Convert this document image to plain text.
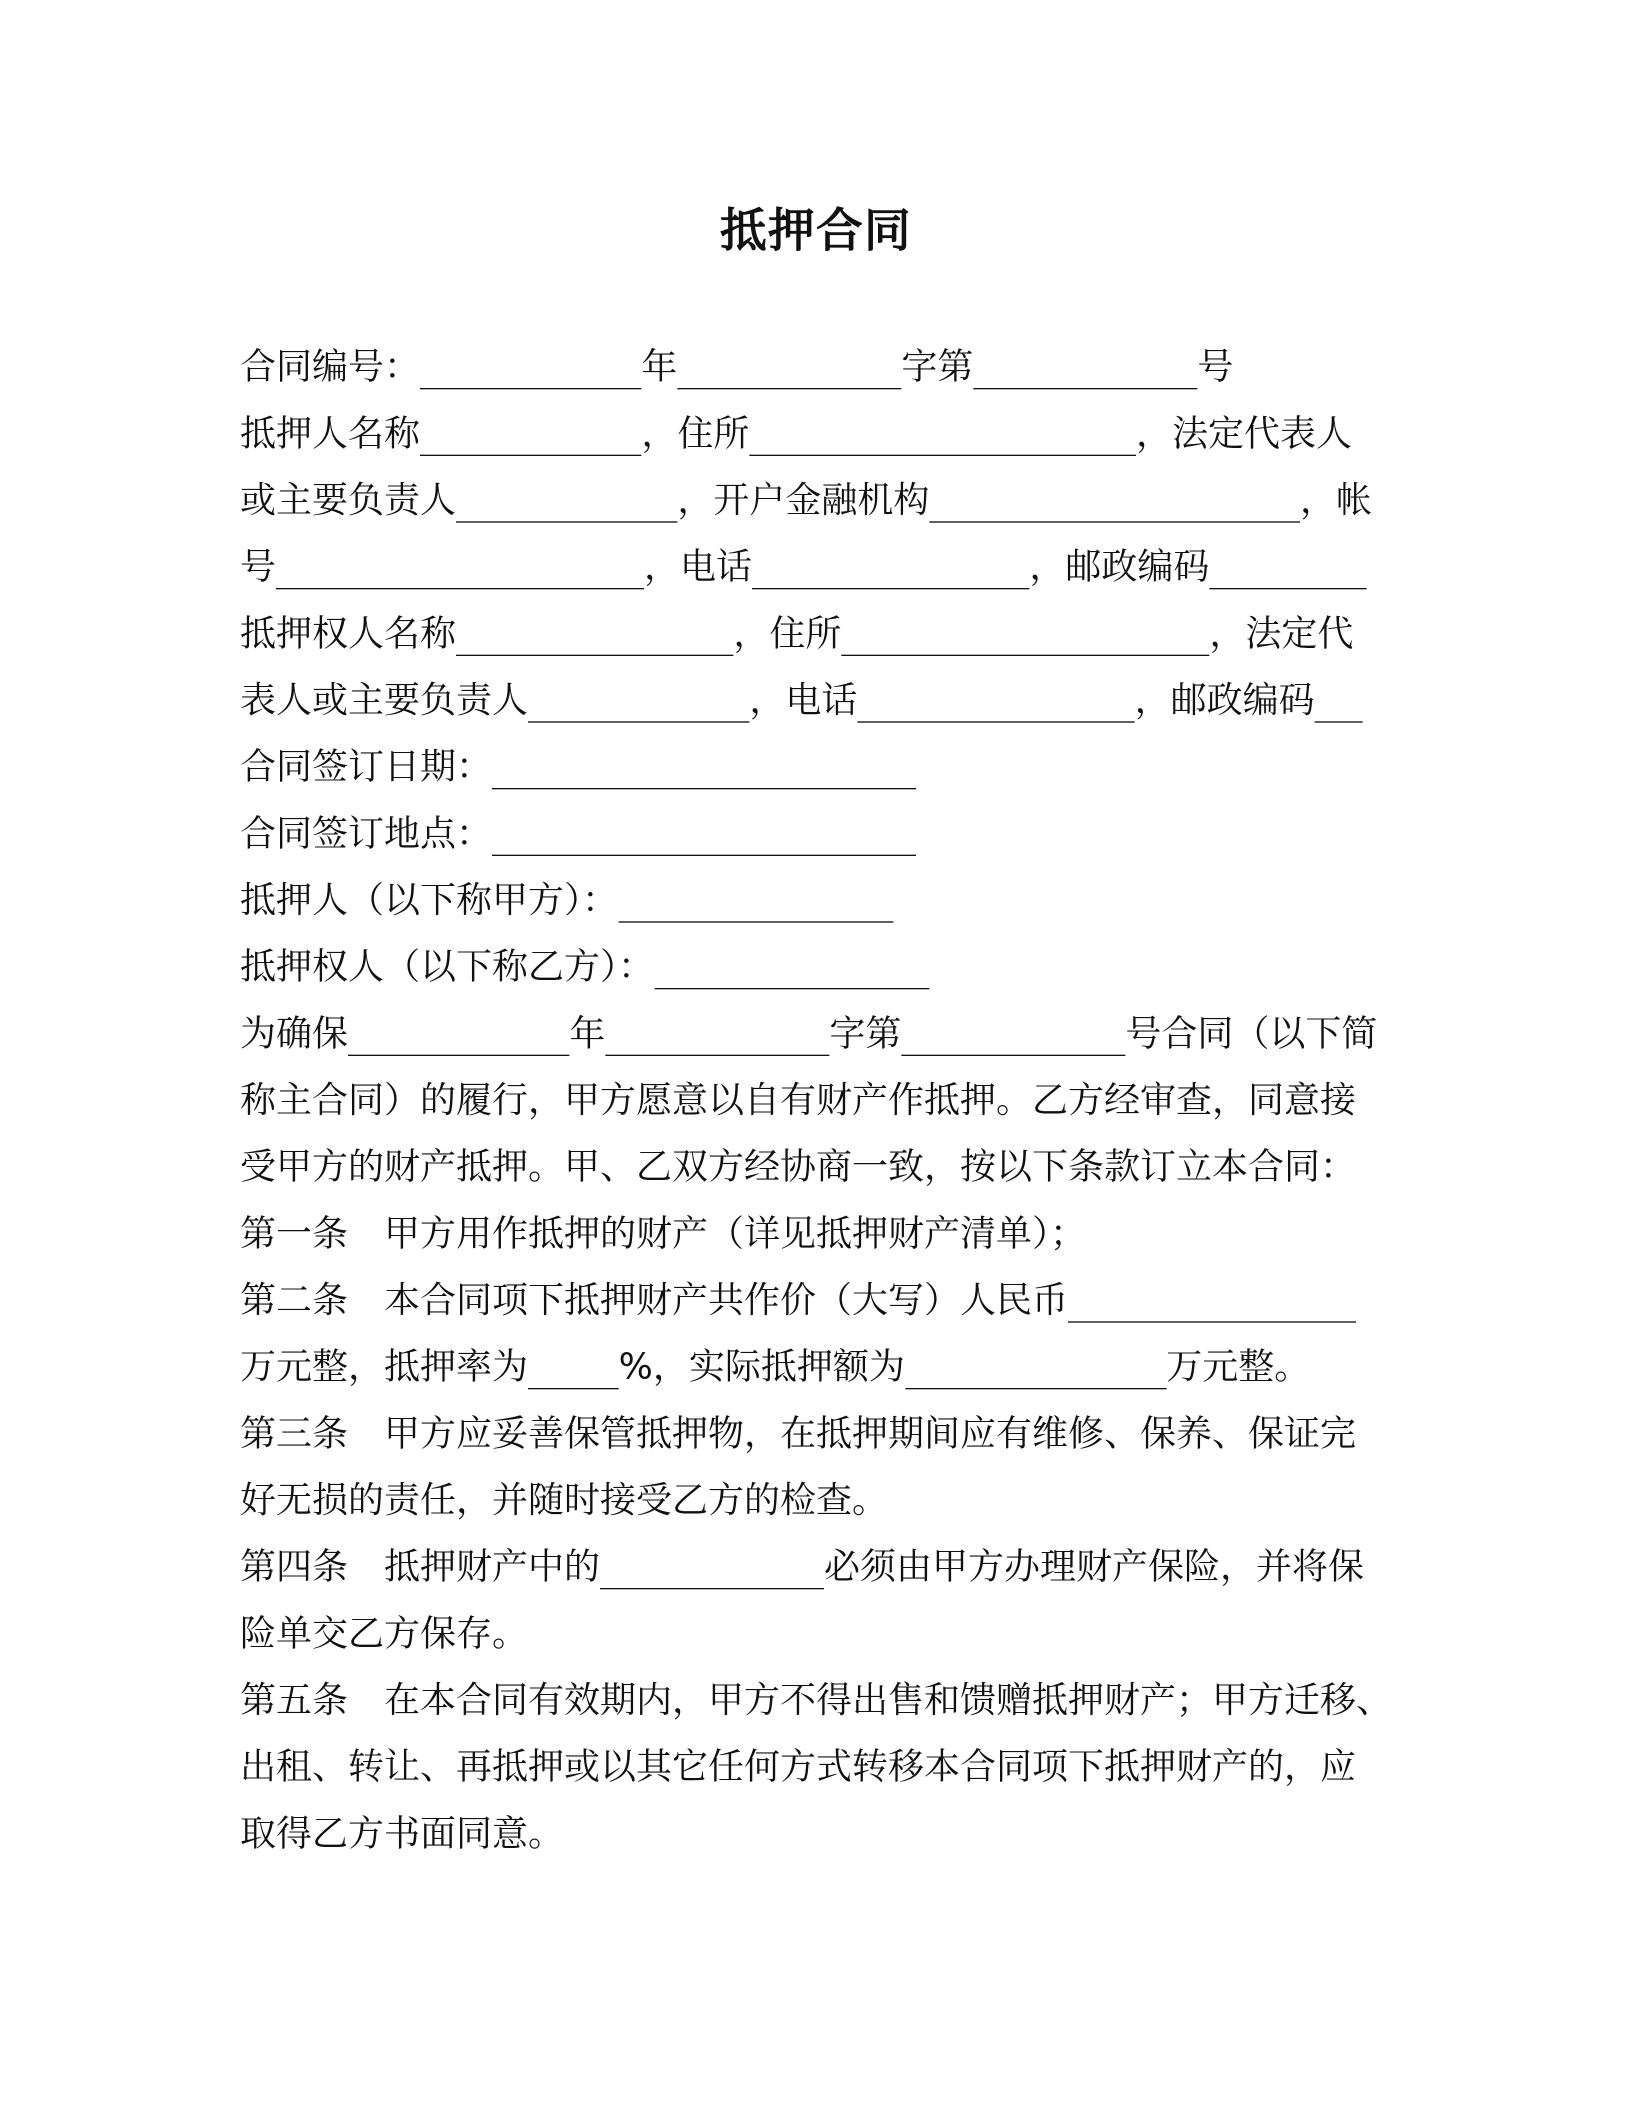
抵押合同
合同编号：	年	字第	号
抵押人名称	，住所	，法定代表人
或主要负责人	，开户金融机构	，帐
号	，电话	，邮政编码
抵押权人名称	，住所	，法定代
表人或主要负责人	，电话	，邮政编码
合同签订日期：
合同签订地点：
抵押人（以下称甲方）：
抵押权人（以下称乙方）：
为确保	年	字第	号合同（以下简
称主合同）的履行，甲方愿意以自有财产作抵押。乙方经审查，同意接
受甲方的财产抵押。甲、乙双方经协商一致，按以下条款订立本合同：
第一条　甲方用作抵押的财产（详见抵押财产清单）；
第二条　本合同项下抵押财产共作价（大写）人民币
万元整，抵押率为	%，实际抵押额为	万元整。
第三条　甲方应妥善保管抵押物，在抵押期间应有维修、保养、保证完
好无损的责任，并随时接受乙方的检查。
第四条　抵押财产中的	必须由甲方办理财产保险，并将保
险单交乙方保存。
第五条　在本合同有效期内，甲方不得出售和馈赠抵押财产；甲方迁移、
出租、转让、再抵押或以其它任何方式转移本合同项下抵押财产的，应
取得乙方书面同意。
